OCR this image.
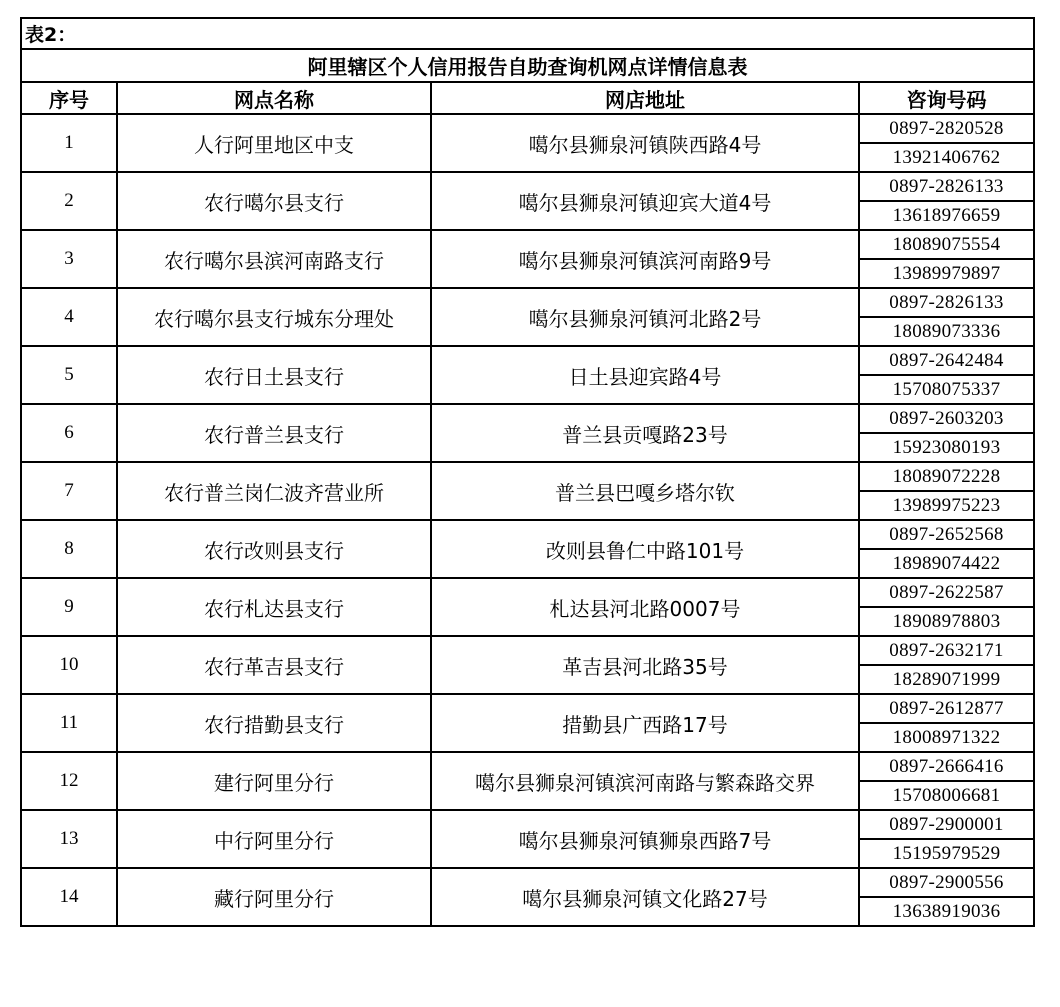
表2：			
阿里辖区个人信用报告自助查询机网点详情信息表			
序号	网点名称	网店地址	咨询号码
1	人行阿里地区中支	噶尔县狮泉河镇陕西路4号	0897-2820528
			13921406762
2	农行噶尔县支行	噶尔县狮泉河镇迎宾大道4号	0897-2826133
			13618976659
3	农行噶尔县滨河南路支行	噶尔县狮泉河镇滨河南路9号	18089075554
			13989979897
4	农行噶尔县支行城东分理处	噶尔县狮泉河镇河北路2号	0897-2826133
			18089073336
5	农行日土县支行	日土县迎宾路4号	0897-2642484
			15708075337
6	农行普兰县支行	普兰县贡嘎路23号	0897-2603203
			15923080193
7	农行普兰岗仁波齐营业所	普兰县巴嘎乡塔尔钦	18089072228
			13989975223
8	农行改则县支行	改则县鲁仁中路101号	0897-2652568
			18989074422
9	农行札达县支行	札达县河北路0007号	0897-2622587
			18908978803
10	农行革吉县支行	革吉县河北路35号	0897-2632171
			18289071999
11	农行措勤县支行	措勤县广西路17号	0897-2612877
			18008971322
12	建行阿里分行	噶尔县狮泉河镇滨河南路与繁森路交界	0897-2666416
			15708006681
13	中行阿里分行	噶尔县狮泉河镇狮泉西路7号	0897-2900001
			15195979529
14	藏行阿里分行	噶尔县狮泉河镇文化路27号	0897-2900556
			13638919036
